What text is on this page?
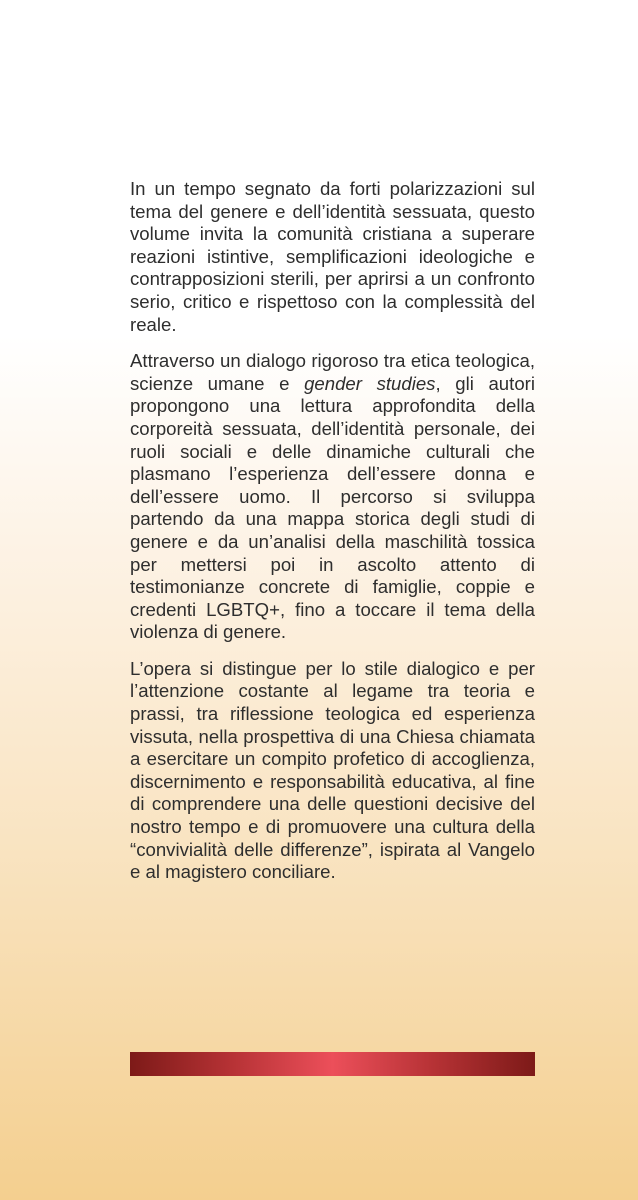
In un tempo segnato da forti polarizzazioni sul tema del genere e dell’identità sessuata, questo volume invita la comunità cristiana a superare reazioni istintive, semplificazioni ideologiche e contrapposizioni sterili, per aprirsi a un confronto serio, critico e rispettoso con la complessità del reale.

Attraverso un dialogo rigoroso tra etica teologica, scienze umane e gender studies, gli autori propongono una lettura approfondita della corporeità sessuata, dell’identità personale, dei ruoli sociali e delle dinamiche culturali che plasmano l’esperienza dell’essere donna e dell’essere uomo. Il percorso si sviluppa partendo da una mappa storica degli studi di genere e da un’analisi della maschilità tossica per mettersi poi in ascolto attento di testimonianze concrete di famiglie, coppie e credenti LGBTQ+, fino a toccare il tema della violenza di genere.

L’opera si distingue per lo stile dialogico e per l’attenzione costante al legame tra teoria e prassi, tra riflessione teologica ed esperienza vissuta, nella prospettiva di una Chiesa chiamata a esercitare un compito profetico di accoglienza, discernimento e responsabilità educativa, al fine di comprendere una delle questioni decisive del nostro tempo e di promuovere una cultura della “convivialità delle differenze”, ispirata al Vangelo e al magistero conciliare.
